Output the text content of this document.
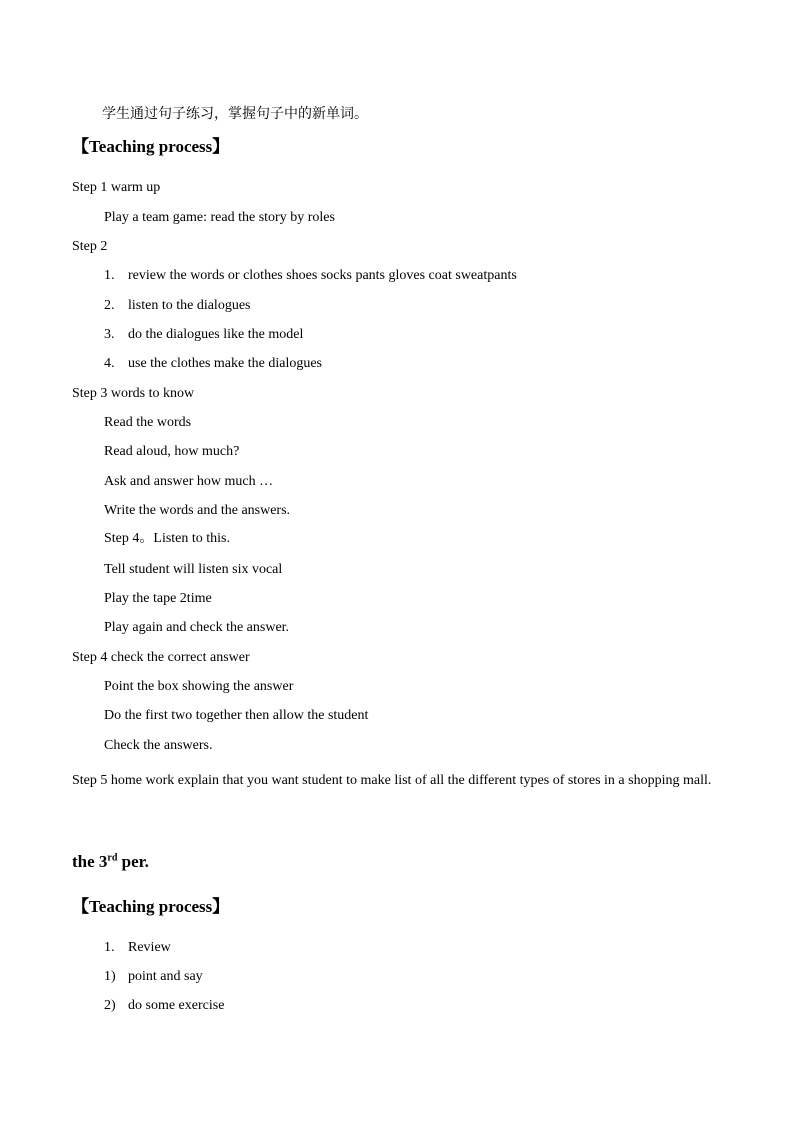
学生通过句子练习，掌握句子中的新单词。
【Teaching process】
Step 1 warm up
Play a team game: read the story by roles
Step 2
1. review the words or clothes shoes socks pants gloves coat sweatpants
2. listen to the dialogues
3. do the dialogues like the model
4. use the clothes make the dialogues
Step 3 words to know
Read the words
Read aloud, how much?
Ask and answer how much …
Write the words and the answers.
Step 4。Listen to this.
Tell student will listen six vocal
Play the tape 2time
Play again and check the answer.
Step 4 check the correct answer
Point the box showing the answer
Do the first two together then allow the student
Check the answers.
Step 5 home work explain that you want student to make list of all the different types of stores in a shopping mall.
the 3rd per.
【Teaching process】
1. Review
1) point and say
2) do some exercise
